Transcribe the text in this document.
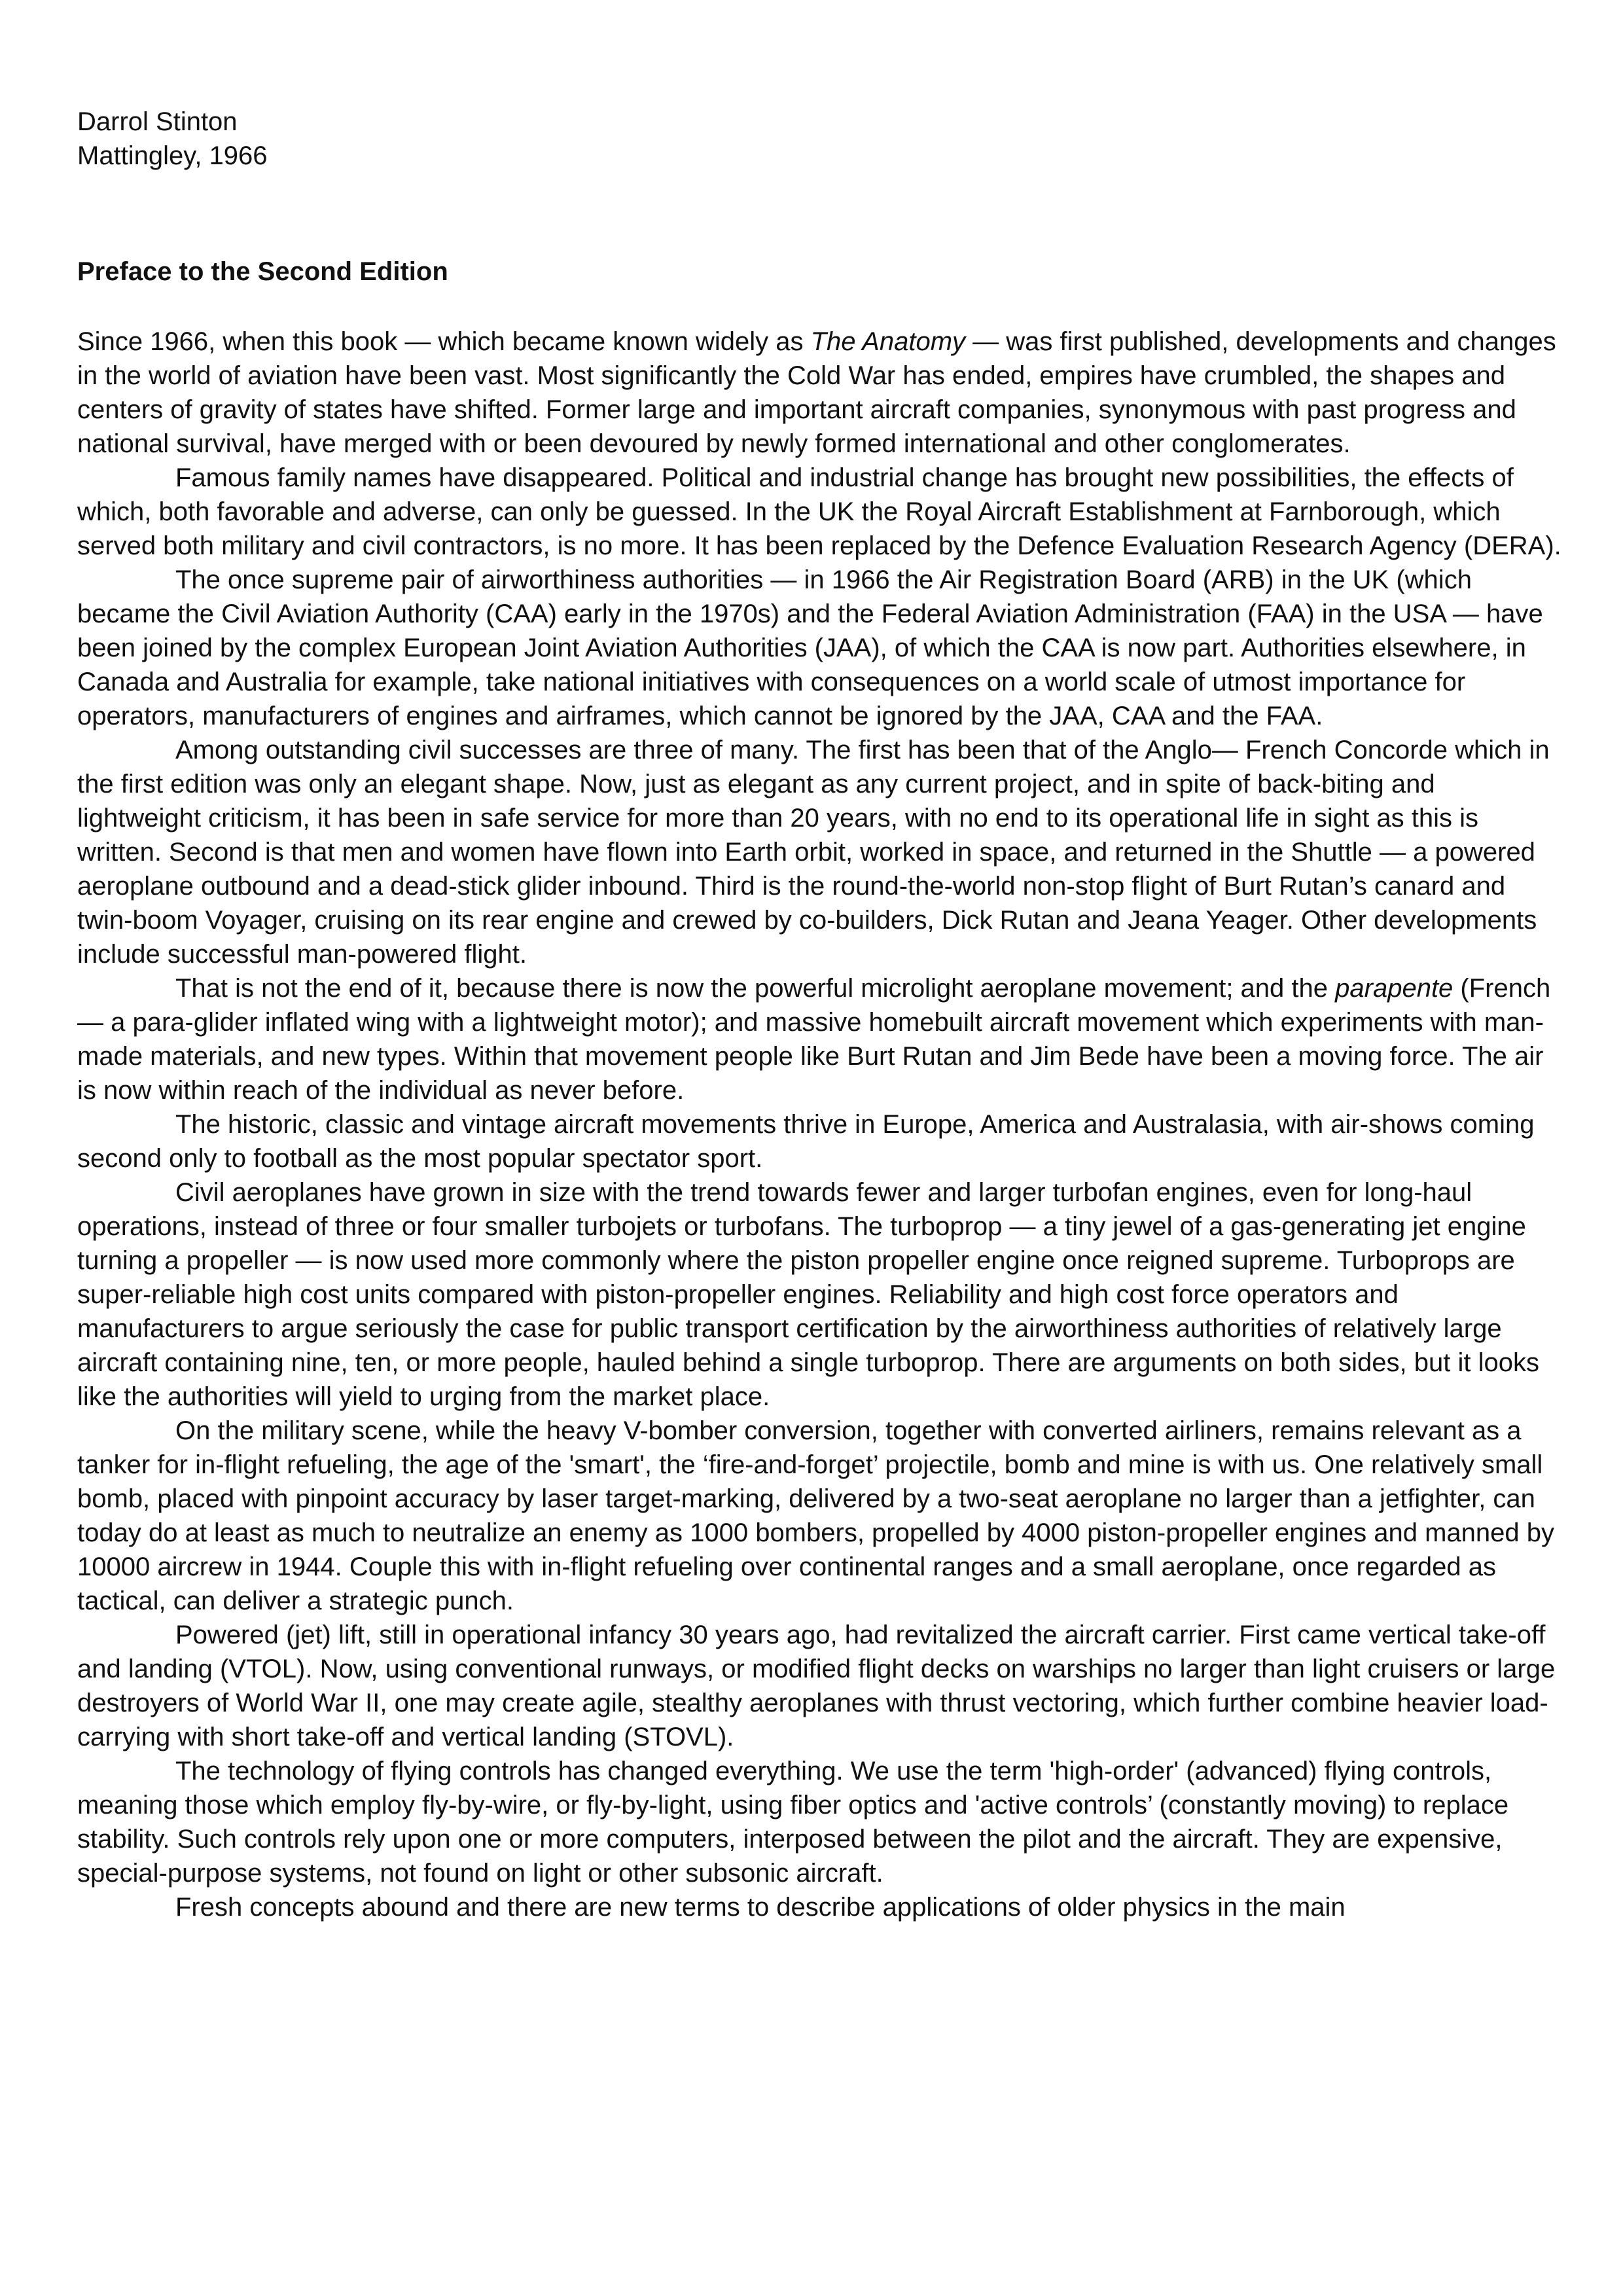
Darrol Stinton

Mattingley, 1966

Preface to the Second Edition

Since 1966, when this book — which became known widely as The Anatomy — was first published, developments and changes in the world of aviation have been vast. Most significantly the Cold War has ended, empires have crumbled, the shapes and centers of gravity of states have shifted. Former large and important aircraft companies, synonymous with past progress and national survival, have merged with or been devoured by newly formed international and other conglomerates.

Famous family names have disappeared. Political and industrial change has brought new possibilities, the effects of which, both favorable and adverse, can only be guessed. In the UK the Royal Aircraft Establishment at Farnborough, which served both military and civil contractors, is no more. It has been replaced by the Defence Evaluation Research Agency (DERA).

The once supreme pair of airworthiness authorities — in 1966 the Air Registration Board (ARB) in the UK (which became the Civil Aviation Authority (CAA) early in the 1970s) and the Federal Aviation Administration (FAA) in the USA — have been joined by the complex European Joint Aviation Authorities (JAA), of which the CAA is now part. Authorities elsewhere, in Canada and Australia for example, take national initiatives with consequences on a world scale of utmost importance for operators, manufacturers of engines and airframes, which cannot be ignored by the JAA, CAA and the FAA.

Among outstanding civil successes are three of many. The first has been that of the Anglo— French Concorde which in the first edition was only an elegant shape. Now, just as elegant as any current project, and in spite of back-biting and lightweight criticism, it has been in safe service for more than 20 years, with no end to its operational life in sight as this is written. Second is that men and women have flown into Earth orbit, worked in space, and returned in the Shuttle — a powered aeroplane outbound and a dead-stick glider inbound. Third is the round-the-world non-stop flight of Burt Rutan’s canard and twin-boom Voyager, cruising on its rear engine and crewed by co-builders, Dick Rutan and Jeana Yeager. Other developments include successful man-powered flight.

That is not the end of it, because there is now the powerful microlight aeroplane movement; and the parapente (French — a para-glider inflated wing with a lightweight motor); and massive homebuilt aircraft movement which experiments with man-made materials, and new types. Within that movement people like Burt Rutan and Jim Bede have been a moving force. The air is now within reach of the individual as never before.

The historic, classic and vintage aircraft movements thrive in Europe, America and Australasia, with air-shows coming second only to football as the most popular spectator sport.

Civil aeroplanes have grown in size with the trend towards fewer and larger turbofan engines, even for long-haul operations, instead of three or four smaller turbojets or turbofans. The turboprop — a tiny jewel of a gas-generating jet engine turning a propeller — is now used more commonly where the piston propeller engine once reigned supreme. Turboprops are super-reliable high cost units compared with piston-propeller engines. Reliability and high cost force operators and manufacturers to argue seriously the case for public transport certification by the airworthiness authorities of relatively large aircraft containing nine, ten, or more people, hauled behind a single turboprop. There are arguments on both sides, but it looks like the authorities will yield to urging from the market place.

On the military scene, while the heavy V-bomber conversion, together with converted airliners, remains relevant as a tanker for in-flight refueling, the age of the 'smart', the ‘fire-and-forget’ projectile, bomb and mine is with us. One relatively small bomb, placed with pinpoint accuracy by laser target-marking, delivered by a two-seat aeroplane no larger than a jetfighter, can today do at least as much to neutralize an enemy as 1000 bombers, propelled by 4000 piston-propeller engines and manned by 10000 aircrew in 1944. Couple this with in-flight refueling over continental ranges and a small aeroplane, once regarded as tactical, can deliver a strategic punch.

Powered (jet) lift, still in operational infancy 30 years ago, had revitalized the aircraft carrier. First came vertical take-off and landing (VTOL). Now, using conventional runways, or modified flight decks on warships no larger than light cruisers or large destroyers of World War II, one may create agile, stealthy aeroplanes with thrust vectoring, which further combine heavier load-carrying with short take-off and vertical landing (STOVL).

The technology of flying controls has changed everything. We use the term 'high-order' (advanced) flying controls, meaning those which employ fly-by-wire, or fly-by-light, using fiber optics and 'active controls’ (constantly moving) to replace stability. Such controls rely upon one or more computers, interposed between the pilot and the aircraft. They are expensive, special-purpose systems, not found on light or other subsonic aircraft.

Fresh concepts abound and there are new terms to describe applications of older physics in the main
